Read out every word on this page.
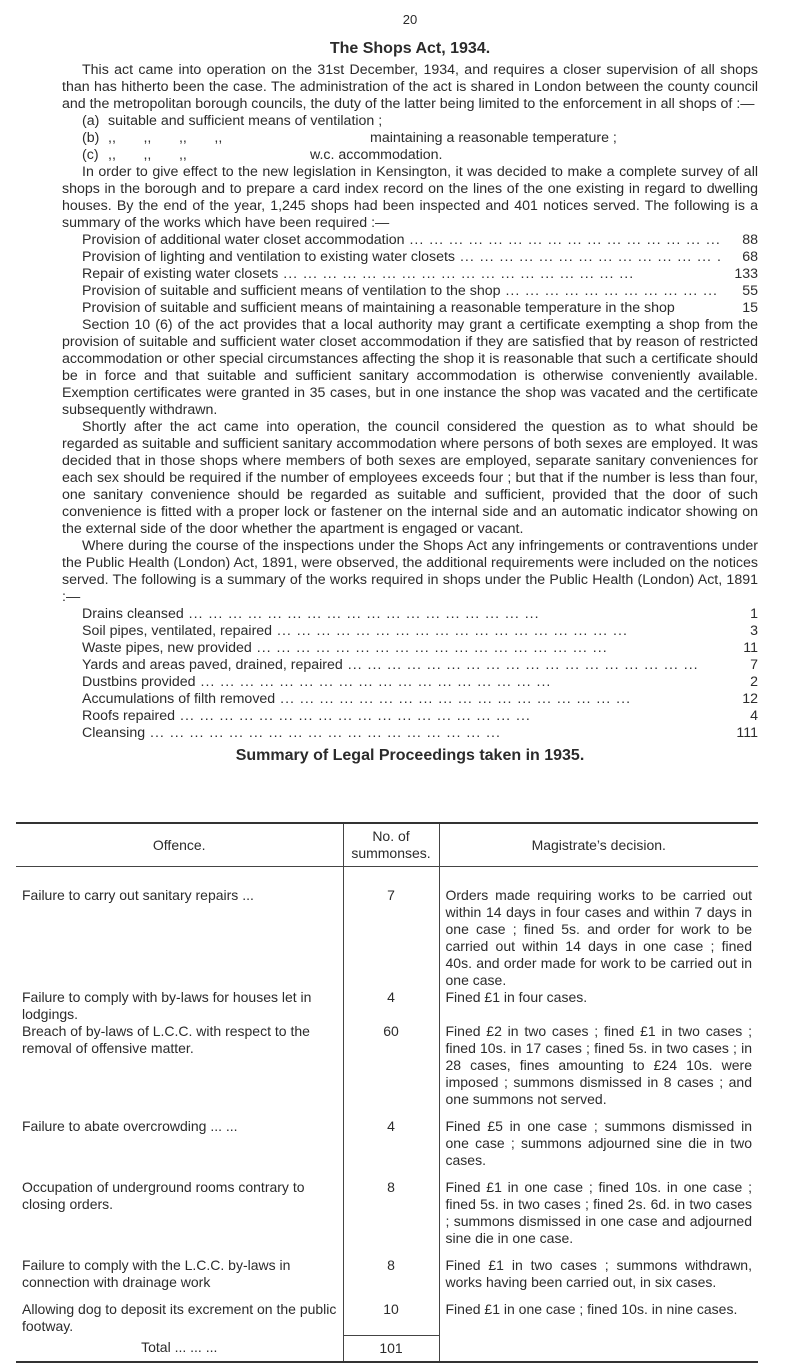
20
The Shops Act, 1934.

This act came into operation on the 31st December, 1934, and requires a closer supervision of all shops than has hitherto been the case. The administration of the act is shared in London between the county council and the metropolitan borough councils, the duty of the latter being limited to the enforcement in all shops of :—

(a) suitable and sufficient means of ventilation ;
(b) ,,       ,,       ,,       ,,	maintaining a reasonable temperature ;
(c) ,,       ,,       ,,	w.c. accommodation.

In order to give effect to the new legislation in Kensington, it was decided to make a complete survey of all shops in the borough and to prepare a card index record on the lines of the one existing in regard to dwelling houses. By the end of the year, 1,245 shops had been inspected and 401 notices served. The following is a summary of the works which have been required :—

Provision of additional water closet accommodation ... .	88
Provision of lighting and ventilation to existing water closets ... .	68
Repair of existing water closets ... .	133
Provision of suitable and sufficient means of ventilation to the shop ... .	55
Provision of suitable and sufficient means of maintaining a reasonable temperature in the shop	15

Section 10 (6) of the act provides that a local authority may grant a certificate exempting a shop from the provision of suitable and sufficient water closet accommodation if they are satisfied that by reason of restricted accommodation or other special circumstances affecting the shop it is reasonable that such a certificate should be in force and that suitable and sufficient sanitary accommodation is otherwise conveniently available. Exemption certificates were granted in 35 cases, but in one instance the shop was vacated and the certificate subsequently withdrawn.

Shortly after the act came into operation, the council considered the question as to what should be regarded as suitable and sufficient sanitary accommodation where persons of both sexes are employed. It was decided that in those shops where members of both sexes are employed, separate sanitary conveniences for each sex should be required if the number of employees exceeds four ; but that if the number is less than four, one sanitary convenience should be regarded as suitable and sufficient, provided that the door of such convenience is fitted with a proper lock or fastener on the internal side and an automatic indicator showing on the external side of the door whether the apartment is engaged or vacant.

Where during the course of the inspections under the Shops Act any infringements or contraventions under the Public Health (London) Act, 1891, were observed, the additional requirements were included on the notices served. The following is a summary of the works required in shops under the Public Health (London) Act, 1891 :—

Drains cleansed ... .	1
Soil pipes, ventilated, repaired ... .	3
Waste pipes, new provided ... .	11
Yards and areas paved, drained, repaired ... .	7
Dustbins provided ... .	2
Accumulations of filth removed ... .	12
Roofs repaired ... .	4
Cleansing ... .	111
Summary of Legal Proceedings taken in 1935.
Offence.	No. of summonses.	Magistrate’s decision.
Failure to carry out sanitary repairs ...	7	Orders made requiring works to be carried out within 14 days in four cases and within 7 days in one case ; fined 5s. and order for work to be carried out within 14 days in one case ; fined 40s. and order made for work to be carried out in one case.
Failure to comply with by-laws for houses let in lodgings.	4	Fined £1 in four cases.
Breach of by-laws of L.C.C. with respect to the removal of offensive matter.	60	Fined £2 in two cases ; fined £1 in two cases ; fined 10s. in 17 cases ; fined 5s. in two cases ; in 28 cases, fines amounting to £24 10s. were imposed ; summons dismissed in 8 cases ; and one summons not served.
Failure to abate overcrowding ... ...	4	Fined £5 in one case ; summons dismissed in one case ; summons adjourned sine die in two cases.
Occupation of underground rooms contrary to closing orders.	8	Fined £1 in one case ; fined 10s. in one case ; fined 5s. in two cases ; fined 2s. 6d. in two cases ; summons dismissed in one case and adjourned sine die in one case.
Failure to comply with the L.C.C. by-laws in connection with drainage work	8	Fined £1 in two cases ; summons withdrawn, works having been carried out, in six cases.
Allowing dog to deposit its excrement on the public footway.	10	Fined £1 in one case ; fined 10s. in nine cases.
Total ... ... ...	101	
